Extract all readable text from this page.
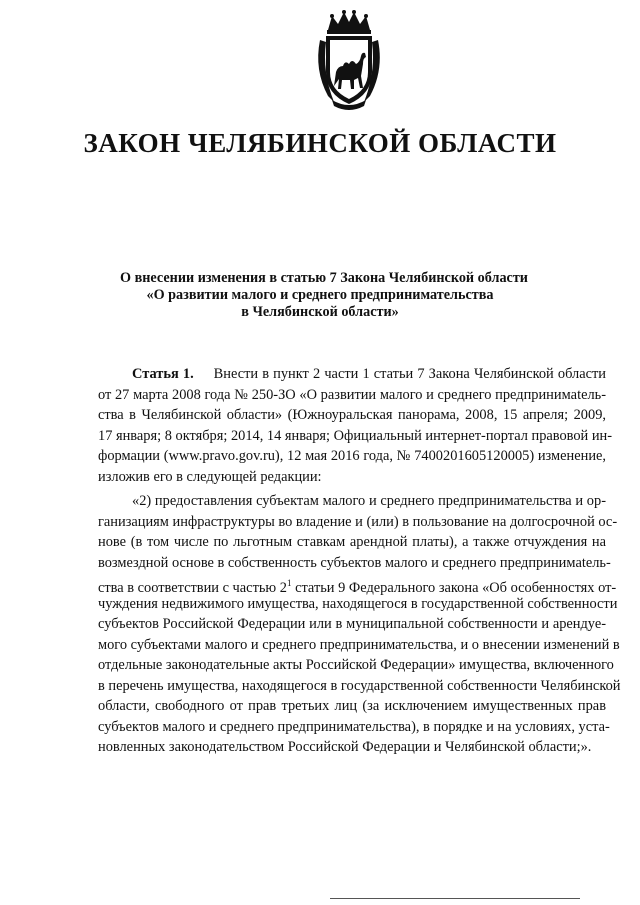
ЗАКОН ЧЕЛЯБИНСКОЙ ОБЛАСТИ
О внесении изменения в статью 7 Закона Челябинской области
«О развитии малого и среднего предпринимательства
в Челябинской области»
Статья 1. Внести в пункт 2 части 1 статьи 7 Закона Челябинской области
от 27 марта 2008 года № 250-ЗО «О развитии малого и среднего предпринимatель-
ства в Челябинской области» (Южноуральская панорама, 2008, 15 апреля; 2009,
17 января; 8 октября; 2014, 14 января; Официальный интернет-портал правовой ин-
формации (www.pravo.gov.ru), 12 мая 2016 года, № 7400201605120005) изменение,
изложив его в следующей редакции:
«2) предоставления субъектам малого и среднего предпринимательства и ор-
ганизациям инфраструктуры во владение и (или) в пользование на долгосрочной ос-
нове (в том числе по льготным ставкам арендной платы), а также отчуждения на
возмездной основе в собственность субъектов малого и среднего предпринимatель-
ства в соответствии с частью $2^1$ статьи 9 Федерального закона «Об особенностях от-
чуждения недвижимого имущества, находящегося в государственной собственности
субъектов Российской Федерации или в муниципальной собственности и арендуе-
мого субъектами малого и среднего предпринимательства, и о внесении изменений в
отдельные законодательные акты Российской Федерации» имущества, включенного
в перечень имущества, находящегося в государственной собственности Челябинской
области, свободного от прав третьих лиц (за исключением имущественных прав
субъектов малого и среднего предпринимательства), в порядке и на условиях, уста-
новленных законодательством Российской Федерации и Челябинской области;».
